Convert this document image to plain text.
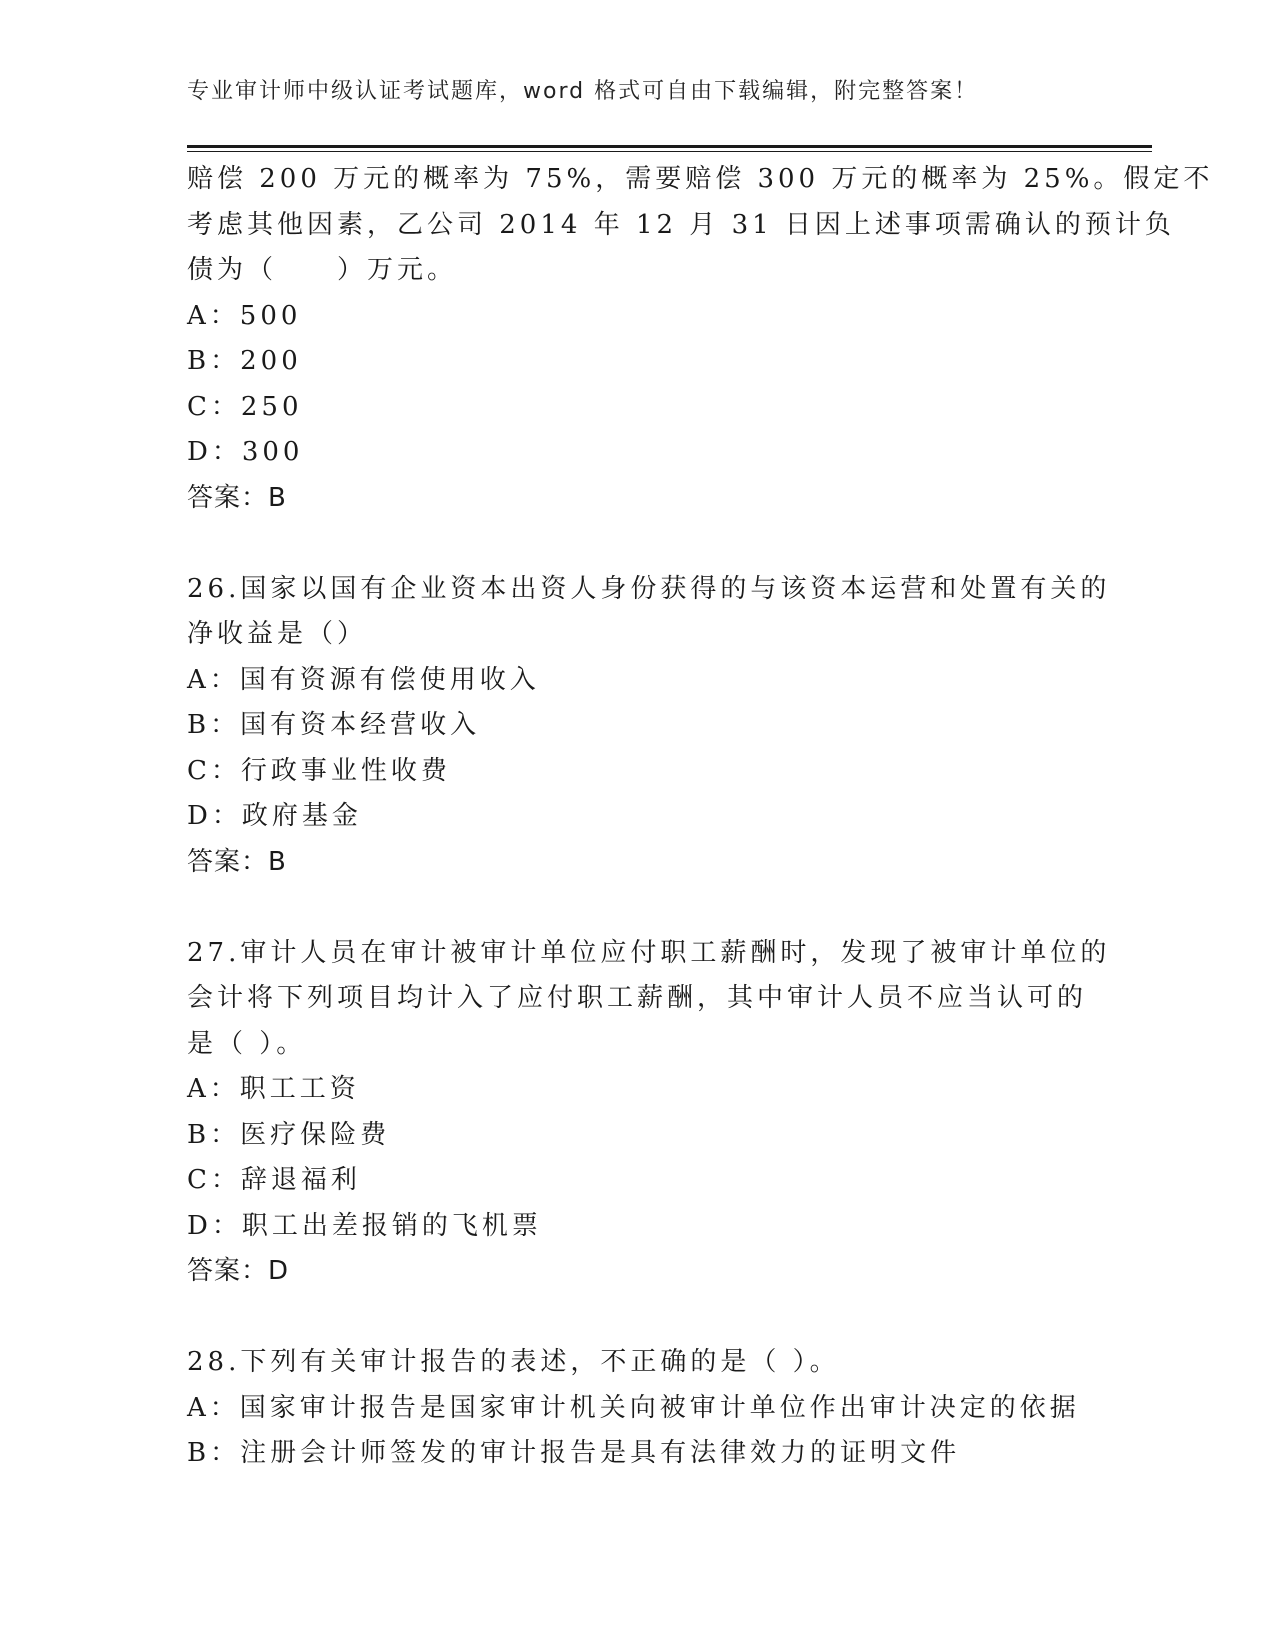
专业审计师中级认证考试题库，word 格式可自由下载编辑，附完整答案！
赔偿 200 万元的概率为 75%，需要赔偿 300 万元的概率为 25%。假定不
考虑其他因素，乙公司 2014 年 12 月 31 日因上述事项需确认的预计负
债为（　　）万元。
A：500
B：200
C：250
D：300
答案：B
26.国家以国有企业资本出资人身份获得的与该资本运营和处置有关的
净收益是（）
A：国有资源有偿使用收入
B：国有资本经营收入
C：行政事业性收费
D：政府基金
答案：B
27.审计人员在审计被审计单位应付职工薪酬时，发现了被审计单位的
会计将下列项目均计入了应付职工薪酬，其中审计人员不应当认可的
是（ ）。
A：职工工资
B：医疗保险费
C：辞退福利
D：职工出差报销的飞机票
答案：D
28.下列有关审计报告的表述，不正确的是（ ）。
A：国家审计报告是国家审计机关向被审计单位作出审计决定的依据
B：注册会计师签发的审计报告是具有法律效力的证明文件
